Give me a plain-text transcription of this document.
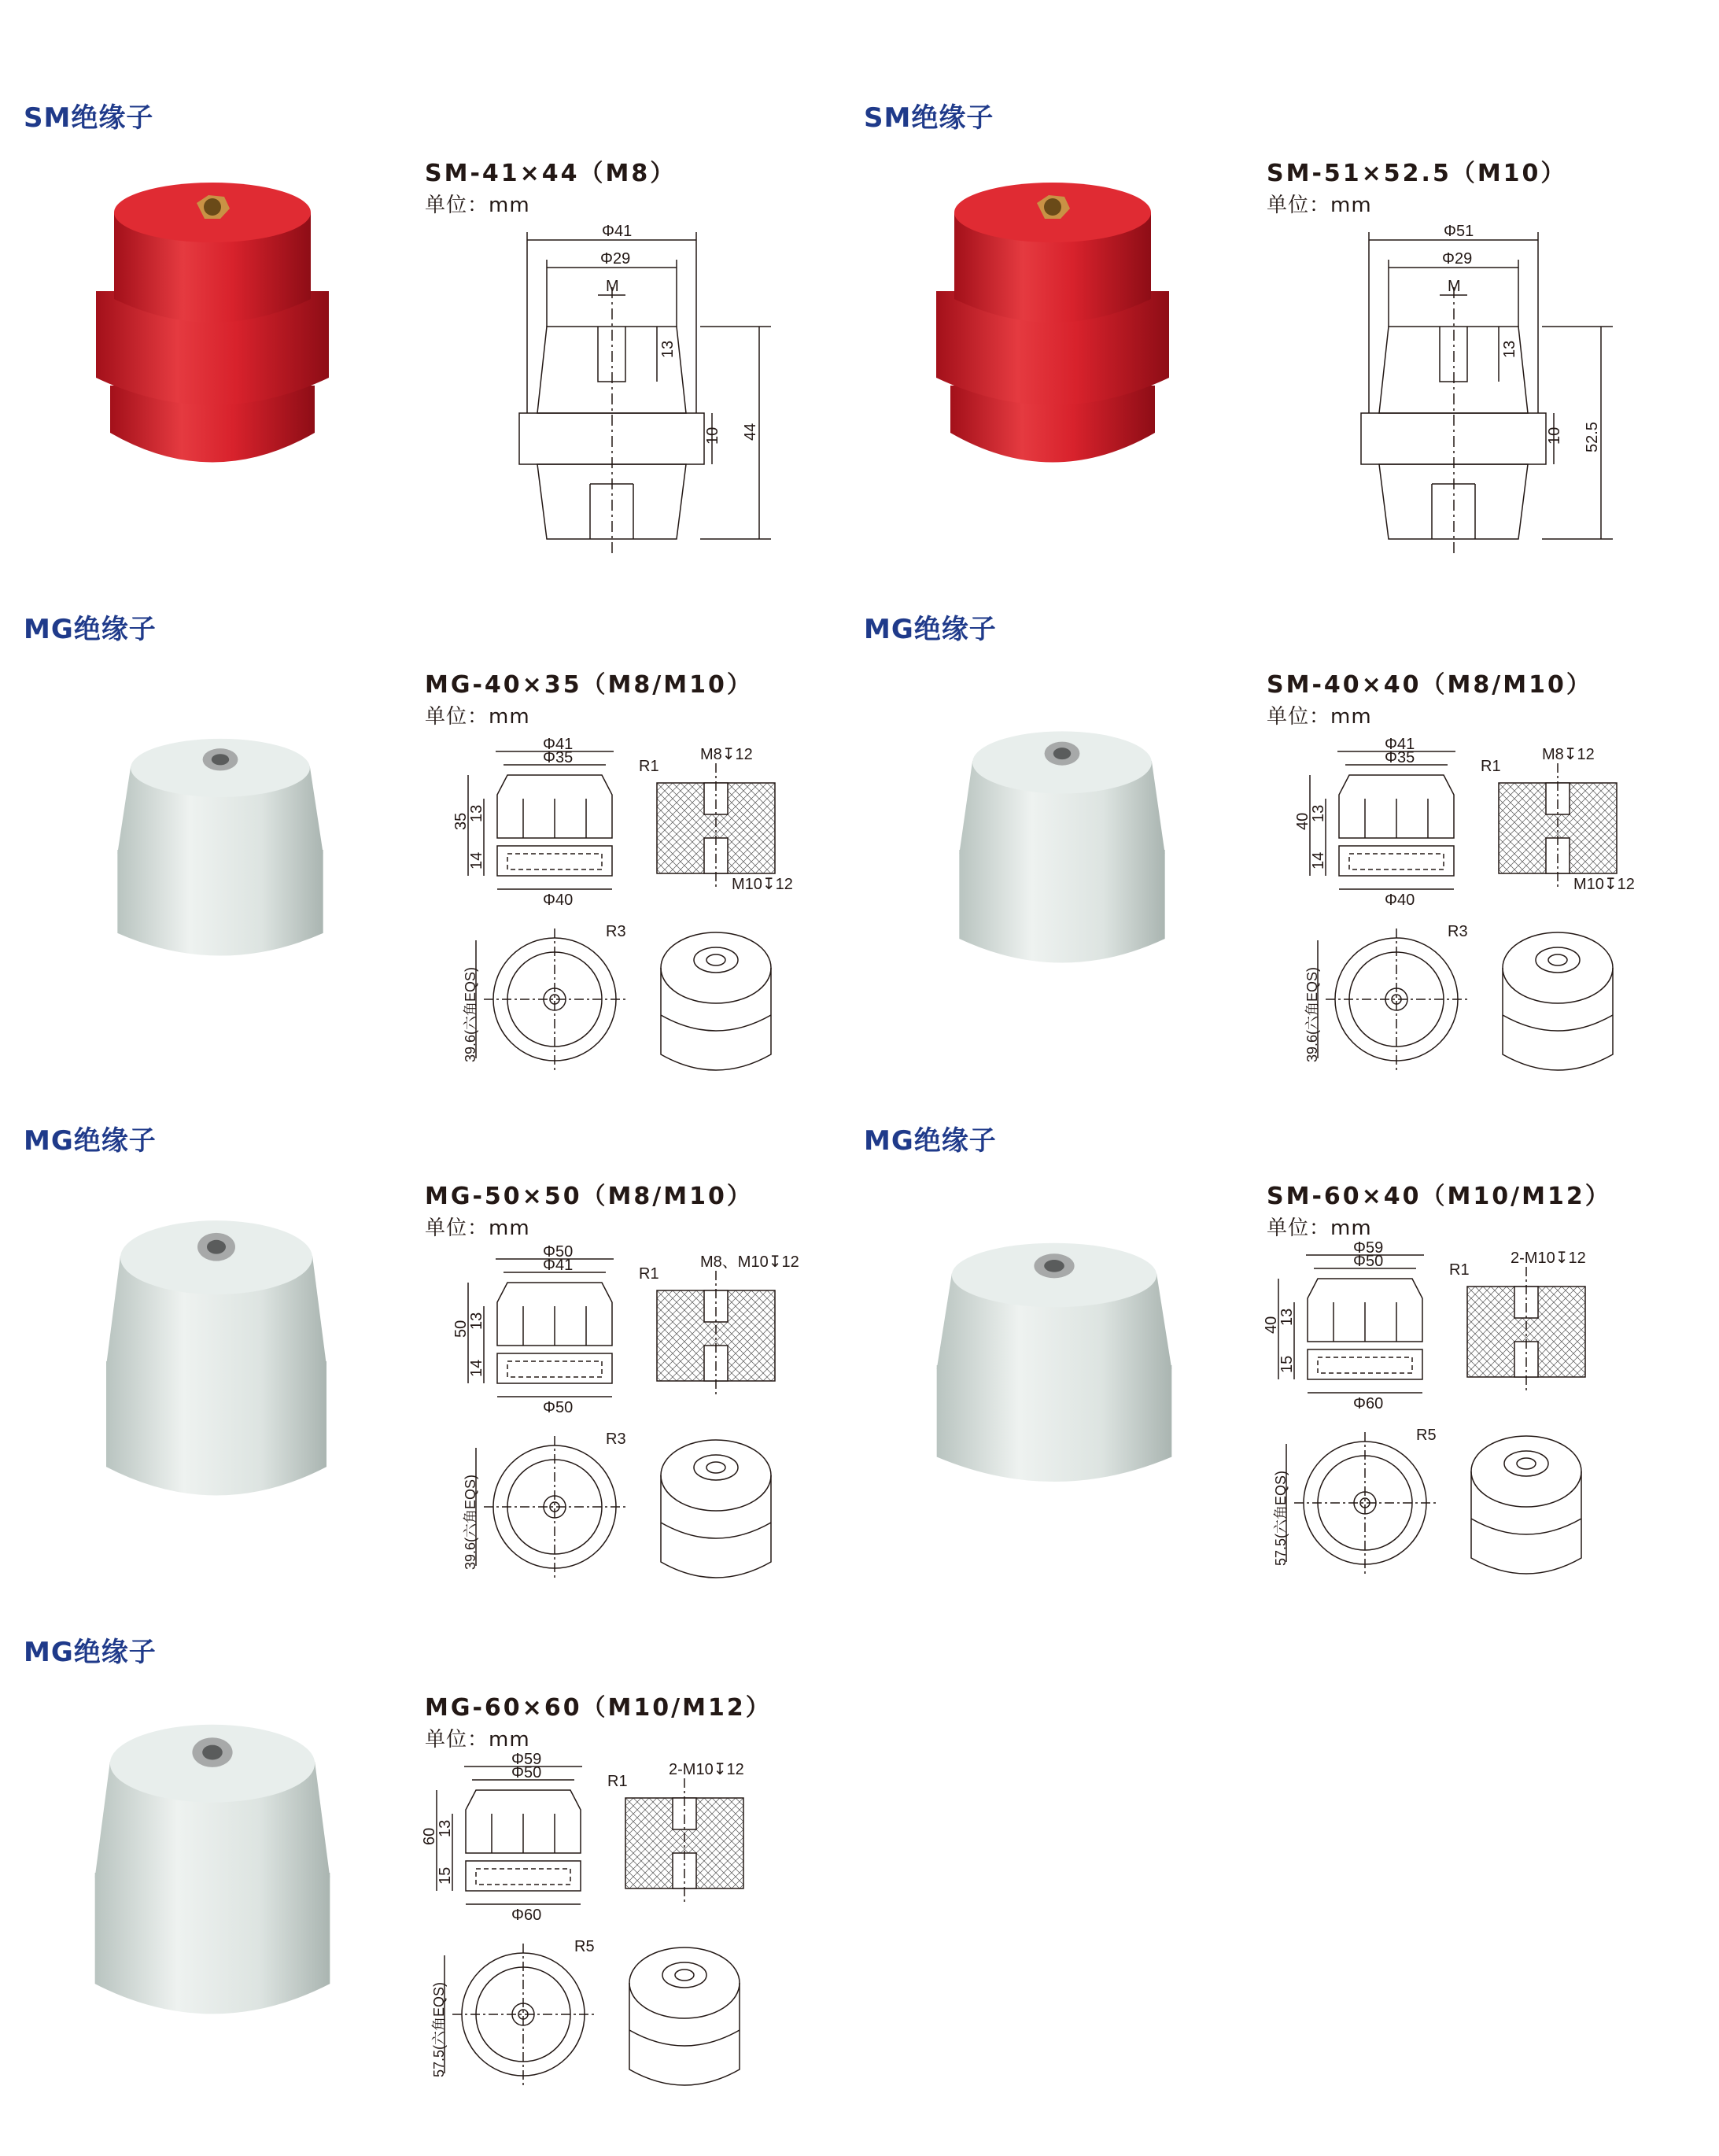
SM绝缘子
SM-41×44（M8）
单位：mm
Φ41
Φ29
M
13
10 44
SM绝缘子
SM-51×52.5（M10）
单位：mm
Φ51
Φ29
M
13
10 52.5
MG绝缘子
MG-40×35（M8/M10）
单位：mm
Φ41
Φ35
Φ40
35
13
14
R1
M8↧12
M10↧12
39.6(六角EQS)
R3
MG绝缘子
SM-40×40（M8/M10）
单位：mm
Φ41
Φ35
Φ40
40
13
14
R1
M8↧12
M10↧12
39.6(六角EQS)
R3
MG绝缘子
MG-50×50（M8/M10）
单位：mm
Φ50
Φ41
Φ50
50
13
14
R1
M8、M10↧12
39.6(六角EQS)
R3
MG绝缘子
SM-60×40（M10/M12）
单位：mm
Φ59
Φ50
Φ60
40
13
15
R1
2-M10↧12
57.5(六角EQS)
R5
MG绝缘子
MG-60×60（M10/M12）
单位：mm
Φ59
Φ50
Φ60
60
13
15
R1
2-M10↧12
57.5(六角EQS)
R5
